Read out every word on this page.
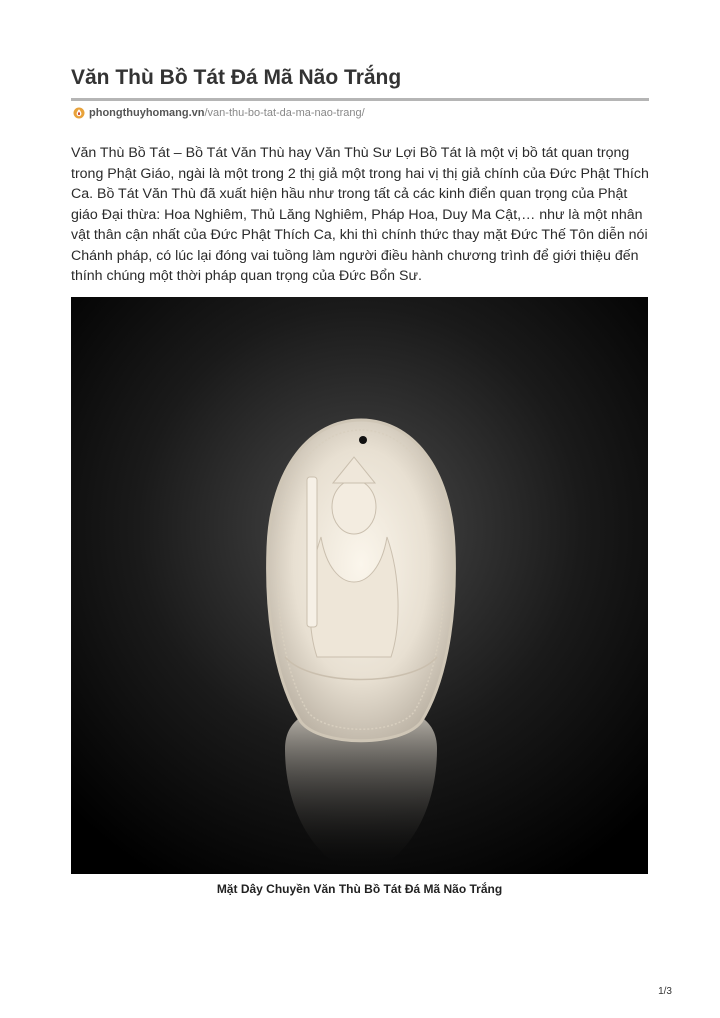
Văn Thù Bồ Tát Đá Mã Não Trắng
phongthuyhomang.vn/van-thu-bo-tat-da-ma-nao-trang/

Văn Thù Bồ Tát – Bồ Tát Văn Thù hay Văn Thù Sư Lợi Bồ Tát là một vị bồ tát quan trọng trong Phật Giáo, ngài là một trong 2 thị giả một trong hai vị thị giả chính của Đức Phật Thích Ca. Bồ Tát Văn Thù đã xuất hiện hầu như trong tất cả các kinh điển quan trọng của Phật giáo Đại thừa: Hoa Nghiêm, Thủ Lăng Nghiêm, Pháp Hoa, Duy Ma Cật,… như là một nhân vật thân cận nhất của Đức Phật Thích Ca, khi thì chính thức thay mặt Đức Thế Tôn diễn nói Chánh pháp, có lúc lại đóng vai tuồng làm người điều hành chương trình để giới thiệu đến thính chúng một thời pháp quan trọng của Đức Bổn Sư.

Mặt Dây Chuyền Văn Thù Bồ Tát Đá Mã Não Trắng
1/3
